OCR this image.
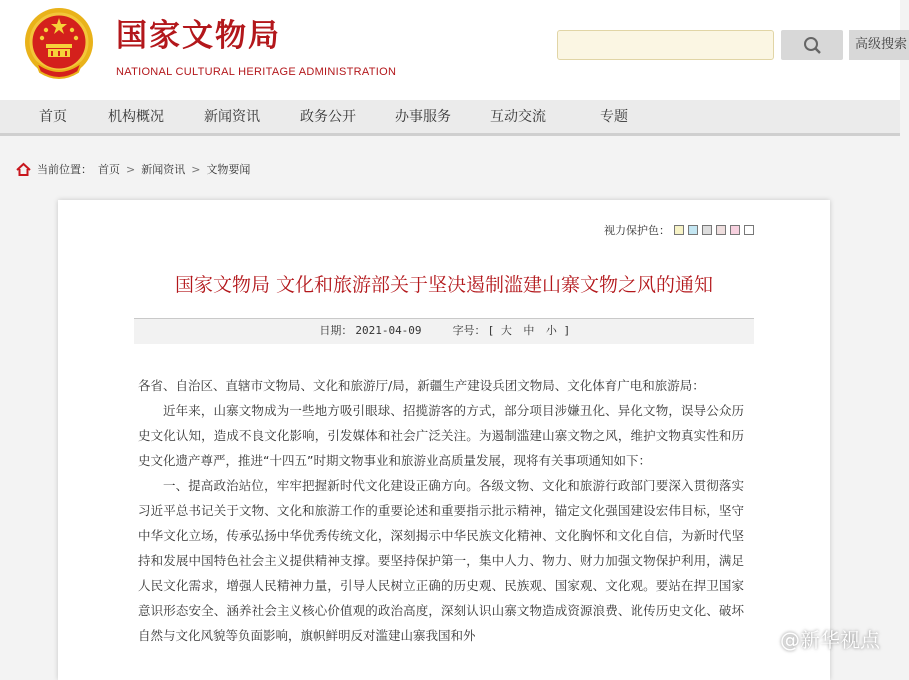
国家文物局
NATIONAL CULTURAL HERITAGE ADMINISTRATION
高级搜索
首页	机构概况	新闻资讯	政务公开	办事服务	互动交流	专题
当前位置： 首页 > 新闻资讯 > 文物要闻
视力保护色：
国家文物局 文化和旅游部关于坚决遏制滥建山寨文物之风的通知
日期： 2021-04-09	字号： [ 大 中 小 ]

各省、自治区、直辖市文物局、文化和旅游厅/局，新疆生产建设兵团文物局、文化体育广电和旅游局：

近年来，山寨文物成为一些地方吸引眼球、招揽游客的方式，部分项目涉嫌丑化、异化文物，误导公众历史文化认知，造成不良文化影响，引发媒体和社会广泛关注。为遏制滥建山寨文物之风，维护文物真实性和历史文化遗产尊严，推进“十四五”时期文物事业和旅游业高质量发展，现将有关事项通知如下：

一、提高政治站位，牢牢把握新时代文化建设正确方向。各级文物、文化和旅游行政部门要深入贯彻落实习近平总书记关于文物、文化和旅游工作的重要论述和重要指示批示精神，锚定文化强国建设宏伟目标，坚守中华文化立场，传承弘扬中华优秀传统文化，深刻揭示中华民族文化精神、文化胸怀和文化自信，为新时代坚持和发展中国特色社会主义提供精神支撑。要坚持保护第一，集中人力、物力、财力加强文物保护利用，满足人民文化需求，增强人民精神力量，引导人民树立正确的历史观、民族观、国家观、文化观。要站在捍卫国家意识形态安全、涵养社会主义核心价值观的政治高度，深刻认识山寨文物造成资源浪费、讹传历史文化、破坏自然与文化风貌等负面影响，旗帜鲜明反对滥建山寨我国和外	@新华视点
